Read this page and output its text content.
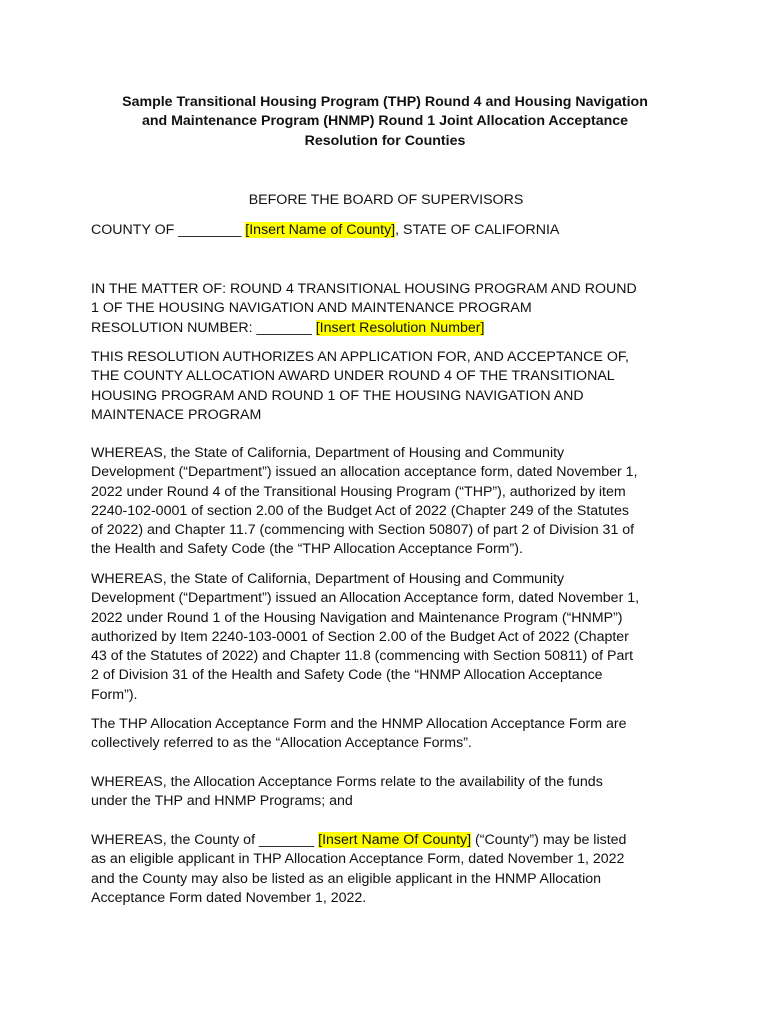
Sample Transitional Housing Program (THP) Round 4 and Housing Navigation
and Maintenance Program (HNMP) Round 1 Joint Allocation Acceptance
Resolution for Counties
BEFORE THE BOARD OF SUPERVISORS
COUNTY OF ________ [Insert Name of County], STATE OF CALIFORNIA
IN THE MATTER OF: ROUND 4 TRANSITIONAL HOUSING PROGRAM AND ROUND
1 OF THE HOUSING NAVIGATION AND MAINTENANCE PROGRAM
RESOLUTION NUMBER: _______ [Insert Resolution Number]
THIS RESOLUTION AUTHORIZES AN APPLICATION FOR, AND ACCEPTANCE OF,
THE COUNTY ALLOCATION AWARD UNDER ROUND 4 OF THE TRANSITIONAL
HOUSING PROGRAM AND ROUND 1 OF THE HOUSING NAVIGATION AND
MAINTENACE PROGRAM
WHEREAS, the State of California, Department of Housing and Community
Development (“Department”) issued an allocation acceptance form, dated November 1,
2022 under Round 4 of the Transitional Housing Program (“THP”), authorized by item
2240-102-0001 of section 2.00 of the Budget Act of 2022 (Chapter 249 of the Statutes
of 2022) and Chapter 11.7 (commencing with Section 50807) of part 2 of Division 31 of
the Health and Safety Code (the “THP Allocation Acceptance Form”).
WHEREAS, the State of California, Department of Housing and Community
Development (“Department”) issued an Allocation Acceptance form, dated November 1,
2022 under Round 1 of the Housing Navigation and Maintenance Program (“HNMP”)
authorized by Item 2240-103-0001 of Section 2.00 of the Budget Act of 2022 (Chapter
43 of the Statutes of 2022) and Chapter 11.8 (commencing with Section 50811) of Part
2 of Division 31 of the Health and Safety Code (the “HNMP Allocation Acceptance
Form”).
The THP Allocation Acceptance Form and the HNMP Allocation Acceptance Form are
collectively referred to as the “Allocation Acceptance Forms”.
WHEREAS, the Allocation Acceptance Forms relate to the availability of the funds
under the THP and HNMP Programs; and
WHEREAS, the County of _______ [Insert Name Of County] (“County”) may be listed
as an eligible applicant in THP Allocation Acceptance Form, dated November 1, 2022
and the County may also be listed as an eligible applicant in the HNMP Allocation
Acceptance Form dated November 1, 2022.
